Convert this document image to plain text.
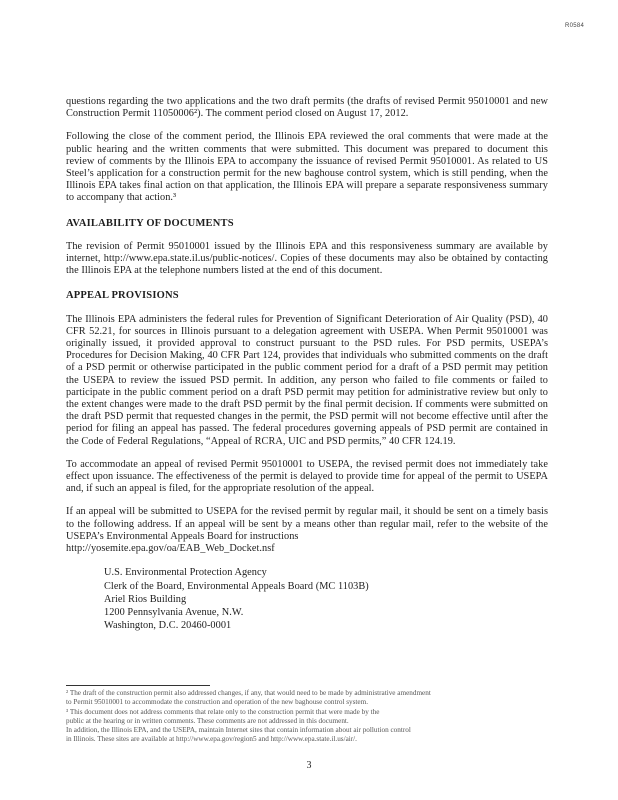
R0584

questions regarding the two applications and the two draft permits (the drafts of revised Permit 95010001 and new Construction Permit 11050006²). The comment period closed on August 17, 2012.

Following the close of the comment period, the Illinois EPA reviewed the oral comments that were made at the public hearing and the written comments that were submitted. This document was prepared to document this review of comments by the Illinois EPA to accompany the issuance of revised Permit 95010001. As related to US Steel’s application for a construction permit for the new baghouse control system, which is still pending, when the Illinois EPA takes final action on that application, the Illinois EPA will prepare a separate responsiveness summary to accompany that action.³

AVAILABILITY OF DOCUMENTS

The revision of Permit 95010001 issued by the Illinois EPA and this responsiveness summary are available by internet, http://www.epa.state.il.us/public-notices/. Copies of these documents may also be obtained by contacting the Illinois EPA at the telephone numbers listed at the end of this document.

APPEAL PROVISIONS

The Illinois EPA administers the federal rules for Prevention of Significant Deterioration of Air Quality (PSD), 40 CFR 52.21, for sources in Illinois pursuant to a delegation agreement with USEPA. When Permit 95010001 was originally issued, it provided approval to construct pursuant to the PSD rules. For PSD permits, USEPA’s Procedures for Decision Making, 40 CFR Part 124, provides that individuals who submitted comments on the draft of a PSD permit or otherwise participated in the public comment period for a draft of a PSD permit may petition the USEPA to review the issued PSD permit. In addition, any person who failed to file comments or failed to participate in the public comment period on a draft PSD permit may petition for administrative review but only to the extent changes were made to the draft PSD permit by the final permit decision. If comments were submitted on the draft PSD permit that requested changes in the permit, the PSD permit will not become effective until after the period for filing an appeal has passed. The federal procedures governing appeals of PSD permit are contained in the Code of Federal Regulations, “Appeal of RCRA, UIC and PSD permits,” 40 CFR 124.19.

To accommodate an appeal of revised Permit 95010001 to USEPA, the revised permit does not immediately take effect upon issuance. The effectiveness of the permit is delayed to provide time for appeal of the permit to USEPA and, if such an appeal is filed, for the appropriate resolution of the appeal.

If an appeal will be submitted to USEPA for the revised permit by regular mail, it should be sent on a timely basis to the following address. If an appeal will be sent by a means other than regular mail, refer to the website of the USEPA’s Environmental Appeals Board for instructions
http://yosemite.epa.gov/oa/EAB_Web_Docket.nsf

U.S. Environmental Protection Agency
Clerk of the Board, Environmental Appeals Board (MC 1103B)
Ariel Rios Building
1200 Pennsylvania Avenue, N.W.
Washington, D.C. 20460-0001
² The draft of the construction permit also addressed changes, if any, that would need to be made by administrative amendment
to Permit 95010001 to accommodate the construction and operation of the new baghouse control system.
³ This document does not address comments that relate only to the construction permit that were made by the
public at the hearing or in written comments. These comments are not addressed in this document.
In addition, the Illinois EPA, and the USEPA, maintain Internet sites that contain information about air pollution control
in Illinois. These sites are available at http://www.epa.gov/region5 and http://www.epa.state.il.us/air/.
3
